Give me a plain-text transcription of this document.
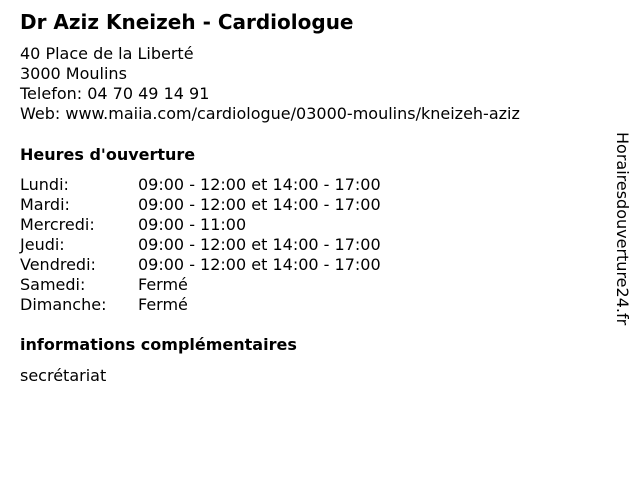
Dr Aziz Kneizeh - Cardiologue
40 Place de la Liberté
3000 Moulins
Telefon: 04 70 49 14 91
Web: www.maiia.com/cardiologue/03000-moulins/kneizeh-aziz
Heures d'ouverture
Lundi:	09:00 - 12:00 et 14:00 - 17:00
Mardi:	09:00 - 12:00 et 14:00 - 17:00
Mercredi:	09:00 - 11:00
Jeudi:	09:00 - 12:00 et 14:00 - 17:00
Vendredi:	09:00 - 12:00 et 14:00 - 17:00
Samedi:	Fermé
Dimanche:	Fermé
informations complémentaires
secrétariat
Horairesdouverture24.fr
